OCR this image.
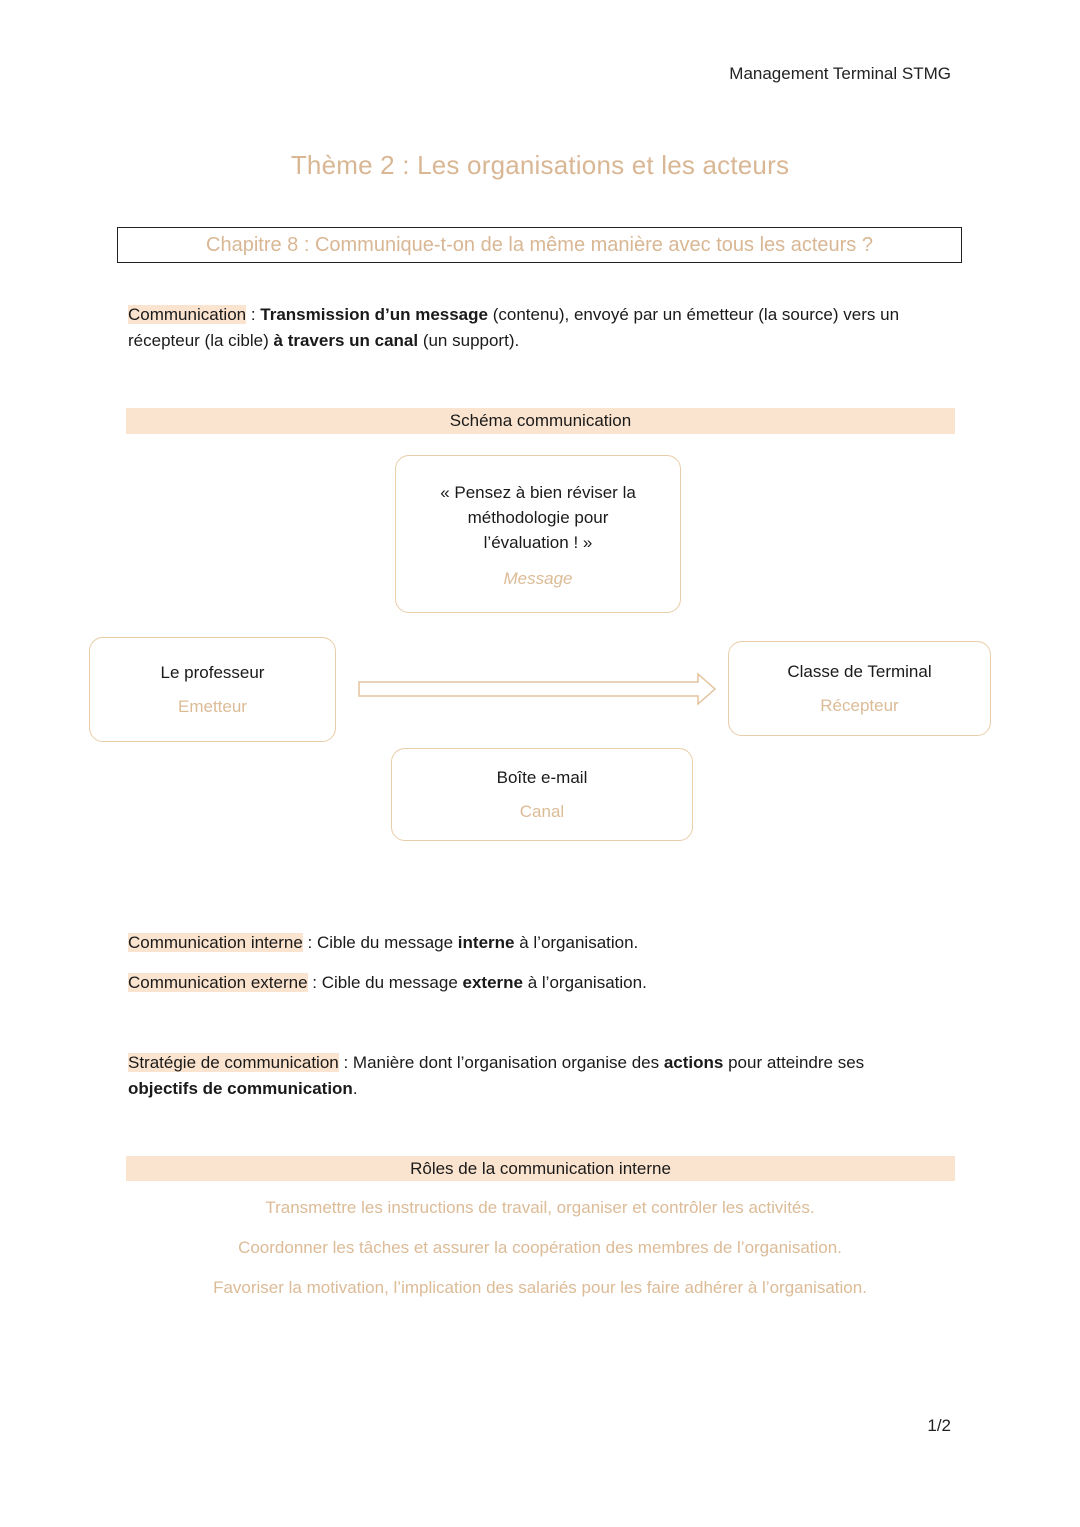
Management Terminal STMG
Thème 2 : Les organisations et les acteurs
Chapitre 8 : Communique-t-on de la même manière avec tous les acteurs ?
Communication : Transmission d’un message (contenu), envoyé par un émetteur (la source) vers un récepteur (la cible) à travers un canal (un support).
Schéma communication
« Pensez à bien réviser la méthodologie pour l’évaluation ! »
Message
Le professeur
Emetteur
Classe de Terminal
Récepteur
Boîte e-mail
Canal
Communication interne : Cible du message interne à l’organisation.
Communication externe : Cible du message externe à l’organisation.
Stratégie de communication : Manière dont l’organisation organise des actions pour atteindre ses
objectifs de communication.
Rôles de la communication interne
Transmettre les instructions de travail, organiser et contrôler les activités.
Coordonner les tâches et assurer la coopération des membres de l’organisation.
Favoriser la motivation, l’implication des salariés pour les faire adhérer à l’organisation.
1/2
